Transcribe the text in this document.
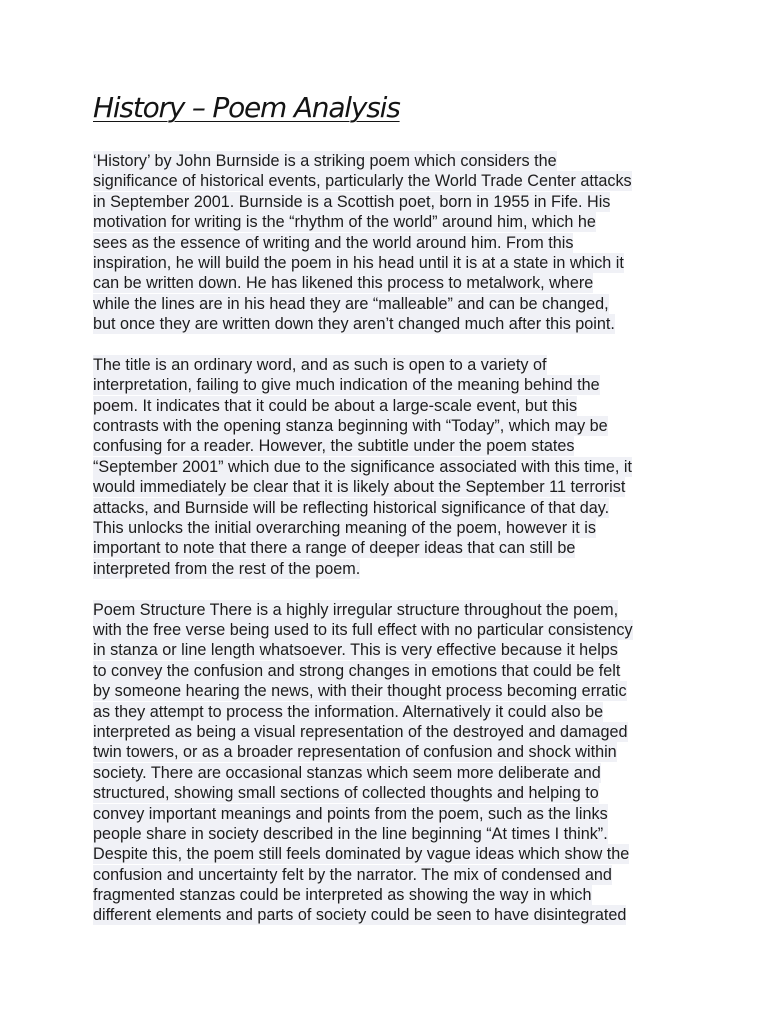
History – Poem Analysis
‘History’ by John Burnside is a striking poem which considers the
significance of historical events, particularly the World Trade Center attacks
in September 2001. Burnside is a Scottish poet, born in 1955 in Fife. His
motivation for writing is the “rhythm of the world” around him, which he
sees as the essence of writing and the world around him. From this
inspiration, he will build the poem in his head until it is at a state in which it
can be written down. He has likened this process to metalwork, where
while the lines are in his head they are “malleable” and can be changed,
but once they are written down they aren’t changed much after this point.
The title is an ordinary word, and as such is open to a variety of
interpretation, failing to give much indication of the meaning behind the
poem. It indicates that it could be about a large-scale event, but this
contrasts with the opening stanza beginning with “Today”, which may be
confusing for a reader. However, the subtitle under the poem states
“September 2001” which due to the significance associated with this time, it
would immediately be clear that it is likely about the September 11 terrorist
attacks, and Burnside will be reflecting historical significance of that day.
This unlocks the initial overarching meaning of the poem, however it is
important to note that there a range of deeper ideas that can still be
interpreted from the rest of the poem.
Poem Structure There is a highly irregular structure throughout the poem,
with the free verse being used to its full effect with no particular consistency
in stanza or line length whatsoever. This is very effective because it helps
to convey the confusion and strong changes in emotions that could be felt
by someone hearing the news, with their thought process becoming erratic
as they attempt to process the information. Alternatively it could also be
interpreted as being a visual representation of the destroyed and damaged
twin towers, or as a broader representation of confusion and shock within
society. There are occasional stanzas which seem more deliberate and
structured, showing small sections of collected thoughts and helping to
convey important meanings and points from the poem, such as the links
people share in society described in the line beginning “At times I think”.
Despite this, the poem still feels dominated by vague ideas which show the
confusion and uncertainty felt by the narrator. The mix of condensed and
fragmented stanzas could be interpreted as showing the way in which
different elements and parts of society could be seen to have disintegrated
